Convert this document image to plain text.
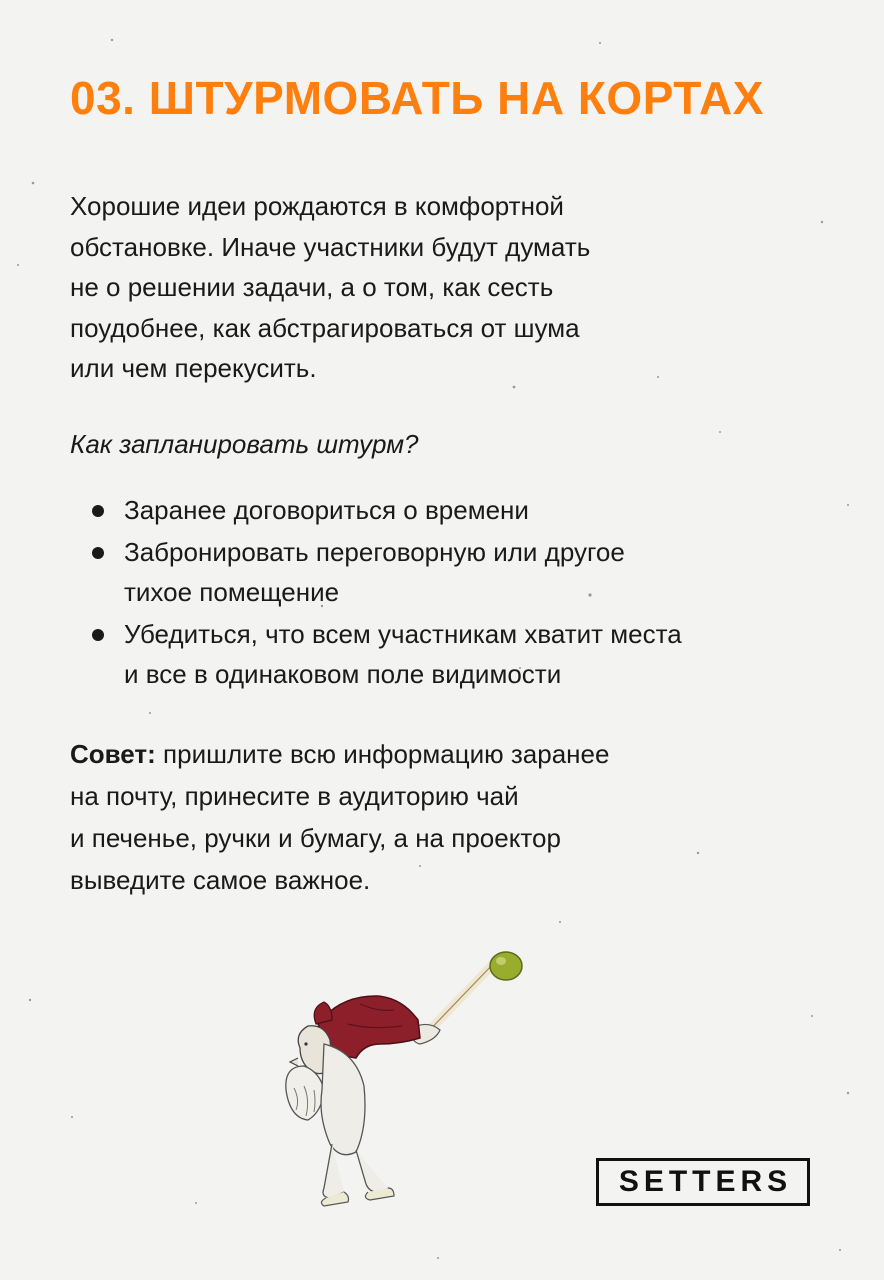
03. ШТУРМОВАТЬ НА КОРТАХ

Хорошие идеи рождаются в комфортной
обстановке. Иначе участники будут думать
не о решении задачи, а о том, как сесть
поудобнее, как абстрагироваться от шума
или чем перекусить.

Как запланировать штурм?

Заранее договориться о времени
Забронировать переговорную или другое
тихое помещение
Убедиться, что всем участникам хватит места
и все в одинаковом поле видимости

Совет: пришлите всю информацию заранее
на почту, принесите в аудиторию чай
и печенье, ручки и бумагу, а на проектор
выведите самое важное.

SETTERS
